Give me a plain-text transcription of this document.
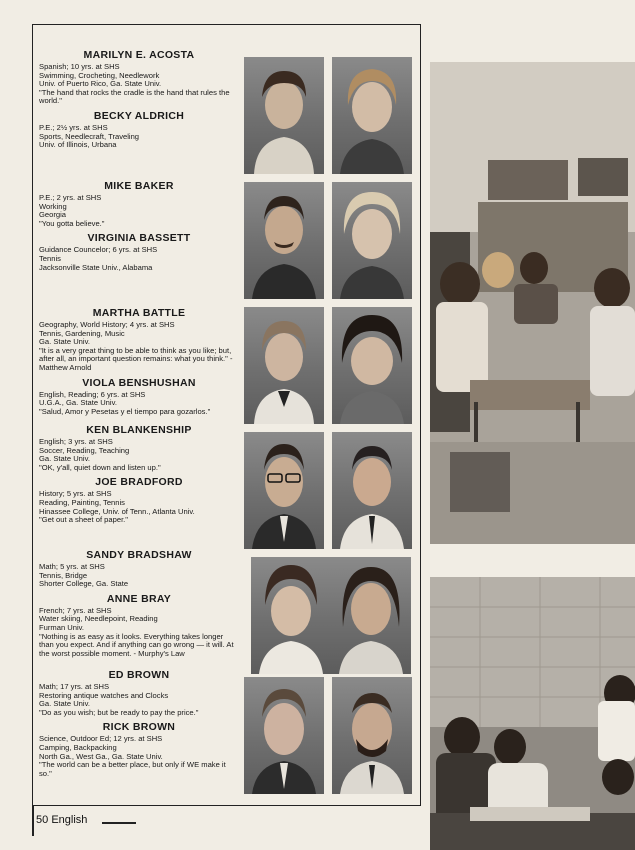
MARILYN E. ACOSTA

Spanish; 10 yrs. at SHS

Swimming, Crocheting, Needlework

Univ. of Puerto Rico, Ga. State Univ.

"The hand that rocks the cradle is the hand that rules the world."

BECKY ALDRICH

P.E.; 2½ yrs. at SHS

Sports, Needlecraft, Traveling

Univ. of Illinois, Urbana

MIKE BAKER

P.E.; 2 yrs. at SHS

Working

Georgia

"You gotta believe."

VIRGINIA BASSETT

Guidance Councelor; 6 yrs. at SHS

Tennis

Jacksonville State Univ., Alabama

MARTHA BATTLE

Geography, World History; 4 yrs. at SHS

Tennis, Gardening, Music

Ga. State Univ.

"It is a very great thing to be able to think as you like; but, after all, an important question remains: what you think." - Matthew Arnold

VIOLA BENSHUSHAN

English, Reading; 6 yrs. at SHS

U.G.A., Ga. State Univ.

"Salud, Amor y Pesetas y el tiempo para gozarlos."

KEN BLANKENSHIP

English; 3 yrs. at SHS

Soccer, Reading, Teaching

Ga. State Univ.

"OK, y'all, quiet down and listen up."

JOE BRADFORD

History; 5 yrs. at SHS

Reading, Painting, Tennis

Hinassee College, Univ. of Tenn., Atlanta Univ.

"Get out a sheet of paper."

SANDY BRADSHAW

Math; 5 yrs. at SHS

Tennis, Bridge

Shorter College, Ga. State

ANNE BRAY

French; 7 yrs. at SHS

Water skiing, Needlepoint, Reading

Furman Univ.

"Nothing is as easy as it looks. Everything takes longer than you expect. And if anything can go wrong — it will. At the worst possible moment. - Murphy's Law

ED BROWN

Math; 17 yrs. at SHS

Restoring antique watches and Clocks

Ga. State Univ.

"Do as you wish; but be ready to pay the price."

RICK BROWN

Science, Outdoor Ed; 12 yrs. at SHS

Camping, Backpacking

North Ga., West Ga., Ga. State Univ.

"The world can be a better place, but only if WE make it so."

50 English
